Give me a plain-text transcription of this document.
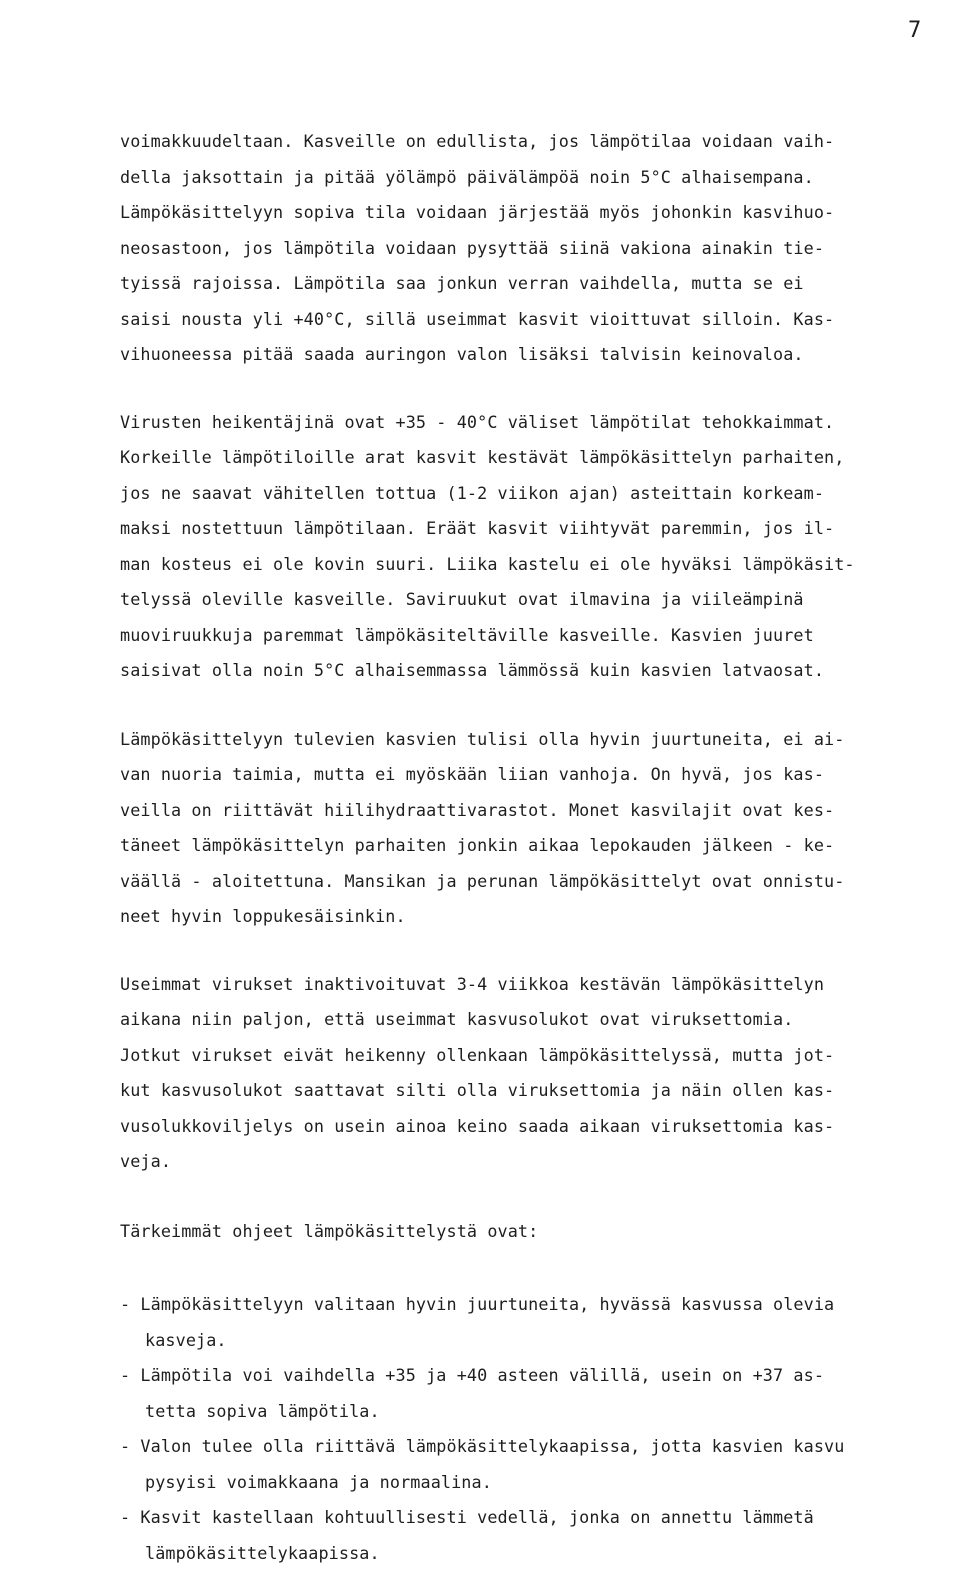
7

voimakkuudeltaan. Kasveille on edullista, jos lämpötilaa voidaan vaih-
della jaksottain ja pitää yölämpö päivälämpöä noin 5°C alhaisempana.
Lämpökäsittelyyn sopiva tila voidaan järjestää myös johonkin kasvihuo-
neosastoon, jos lämpötila voidaan pysyttää siinä vakiona ainakin tie-
tyissä rajoissa. Lämpötila saa jonkun verran vaihdella, mutta se ei
saisi nousta yli +40°C, sillä useimmat kasvit vioittuvat silloin. Kas-
vihuoneessa pitää saada auringon valon lisäksi talvisin keinovaloa.

Virusten heikentäjinä ovat +35 - 40°C väliset lämpötilat tehokkaimmat.
Korkeille lämpötiloille arat kasvit kestävät lämpökäsittelyn parhaiten,
jos ne saavat vähitellen tottua (1-2 viikon ajan) asteittain korkeam-
maksi nostettuun lämpötilaan. Eräät kasvit viihtyvät paremmin, jos il-
man kosteus ei ole kovin suuri. Liika kastelu ei ole hyväksi lämpökäsit-
telyssä oleville kasveille. Saviruukut ovat ilmavina ja viileämpinä
muoviruukkuja paremmat lämpökäsiteltäville kasveille. Kasvien juuret
saisivat olla noin 5°C alhaisemmassa lämmössä kuin kasvien latvaosat.

Lämpökäsittelyyn tulevien kasvien tulisi olla hyvin juurtuneita, ei ai-
van nuoria taimia, mutta ei myöskään liian vanhoja. On hyvä, jos kas-
veilla on riittävät hiilihydraattivarastot. Monet kasvilajit ovat kes-
täneet lämpökäsittelyn parhaiten jonkin aikaa lepokauden jälkeen - ke-
väällä - aloitettuna. Mansikan ja perunan lämpökäsittelyt ovat onnistu-
neet hyvin loppukesäisinkin.

Useimmat virukset inaktivoituvat 3-4 viikkoa kestävän lämpökäsittelyn
aikana niin paljon, että useimmat kasvusolukot ovat viruksettomia.
Jotkut virukset eivät heikenny ollenkaan lämpökäsittelyssä, mutta jot-
kut kasvusolukot saattavat silti olla viruksettomia ja näin ollen kas-
vusolukkoviljelys on usein ainoa keino saada aikaan viruksettomia kas-
veja.

Tärkeimmät ohjeet lämpökäsittelystä ovat:

- Lämpökäsittelyyn valitaan hyvin juurtuneita, hyvässä kasvussa olevia
kasveja.
- Lämpötila voi vaihdella +35 ja +40 asteen välillä, usein on +37 as-
tetta sopiva lämpötila.
- Valon tulee olla riittävä lämpökäsittelykaapissa, jotta kasvien kasvu
pysyisi voimakkaana ja normaalina.
- Kasvit kastellaan kohtuullisesti vedellä, jonka on annettu lämmetä
lämpökäsittelykaapissa.
